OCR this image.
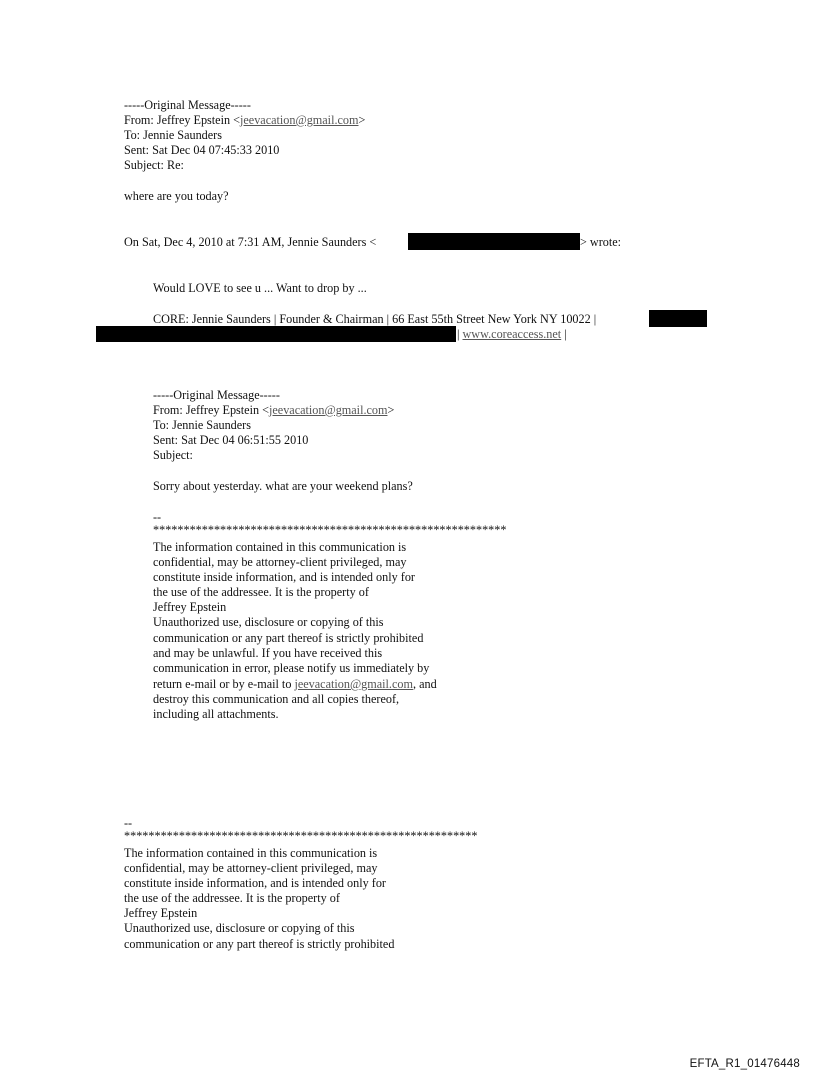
-----Original Message-----
From: Jeffrey Epstein <jeevacation@gmail.com>
To: Jennie Saunders
Sent: Sat Dec 04 07:45:33 2010
Subject: Re:
where are you today?
On Sat, Dec 4, 2010 at 7:31 AM, Jennie Saunders <	> wrote:
Would LOVE to see u ... Want to drop by ...
CORE: Jennie Saunders | Founder & Chairman | 66 East 55th Street New York NY 10022 |
| www.coreaccess.net |
-----Original Message-----
From: Jeffrey Epstein <jeevacation@gmail.com>
To: Jennie Saunders
Sent: Sat Dec 04 06:51:55 2010
Subject:
Sorry about yesterday. what are your weekend plans?
--
**********************************************************
The information contained in this communication is
confidential, may be attorney-client privileged, may
constitute inside information, and is intended only for
the use of the addressee. It is the property of
Jeffrey Epstein
Unauthorized use, disclosure or copying of this
communication or any part thereof is strictly prohibited
and may be unlawful. If you have received this
communication in error, please notify us immediately by
return e-mail or by e-mail to jeevacation@gmail.com, and
destroy this communication and all copies thereof,
including all attachments.
--
**********************************************************
The information contained in this communication is
confidential, may be attorney-client privileged, may
constitute inside information, and is intended only for
the use of the addressee. It is the property of
Jeffrey Epstein
Unauthorized use, disclosure or copying of this
communication or any part thereof is strictly prohibited
EFTA_R1_01476448
